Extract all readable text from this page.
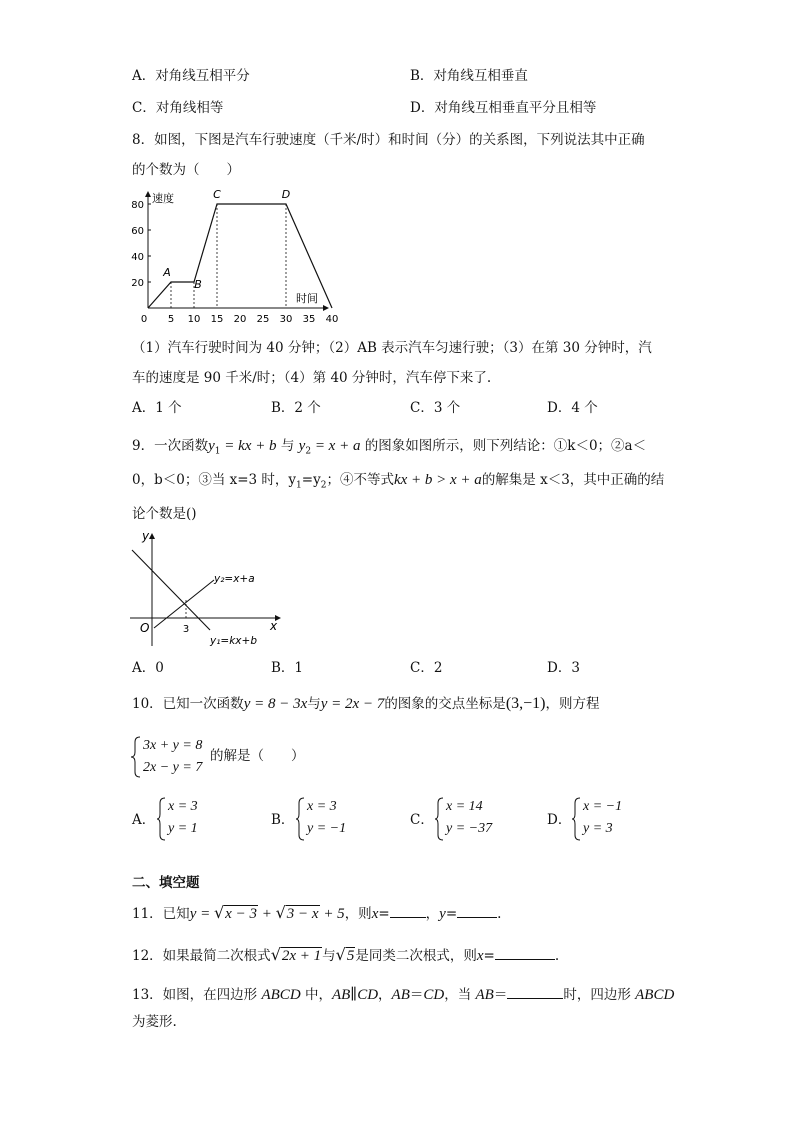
A．对角线互相平分	B．对角线互相垂直
C．对角线相等	D．对角线互相垂直平分且相等
8．如图，下图是汽车行驶速度（千米/时）和时间（分）的关系图，下列说法其中正确
的个数为（　　）
20
40
60
80
5 10 15 20 25 30 35 40
A
B
C	D
速度
时间
0
（1）汽车行驶时间为 40 分钟；（2）AB 表示汽车匀速行驶；（3）在第 30 分钟时，汽
车的速度是 90 千米/时；（4）第 40 分钟时，汽车停下来了.
A．1 个	B．2 个	C．3 个	D．4 个
9．一次函数$y_1$ = kx + b 与 $y_2 = x + a$ 的图象如图所示，则下列结论：①k＜0；②a＜
0，b＜0；③当 x=3 时，$y_1=y_2$；④不等式kx + b > x + a的解集是 x＜3，其中正确的结
论个数是()
y
x
O	3
y₂=x+a
y₁=kx+b
A．0	B．1	C．2	D．3
10．已知一次函数y = 8 − 3x与y = 2x − 7的图象的交点坐标是(3,−1)，则方程
3x + y = 8
2x − y = 7
的解是（　　）
A．
x = 3
y = 1
B．
x = 3
y = −1
C．
x = 14
y = −37
D．
x = −1
y = 3
二、填空题
11．已知y = √x − 3 + √3 − x + 5，则x=	，y=	.
12．如果最简二次根式√2x + 1与√5是同类二次根式，则x=	.
13．如图，在四边形 ABCD 中，AB∥CD，AB＝CD，当 AB＝	时，四边形 ABCD
为菱形.
